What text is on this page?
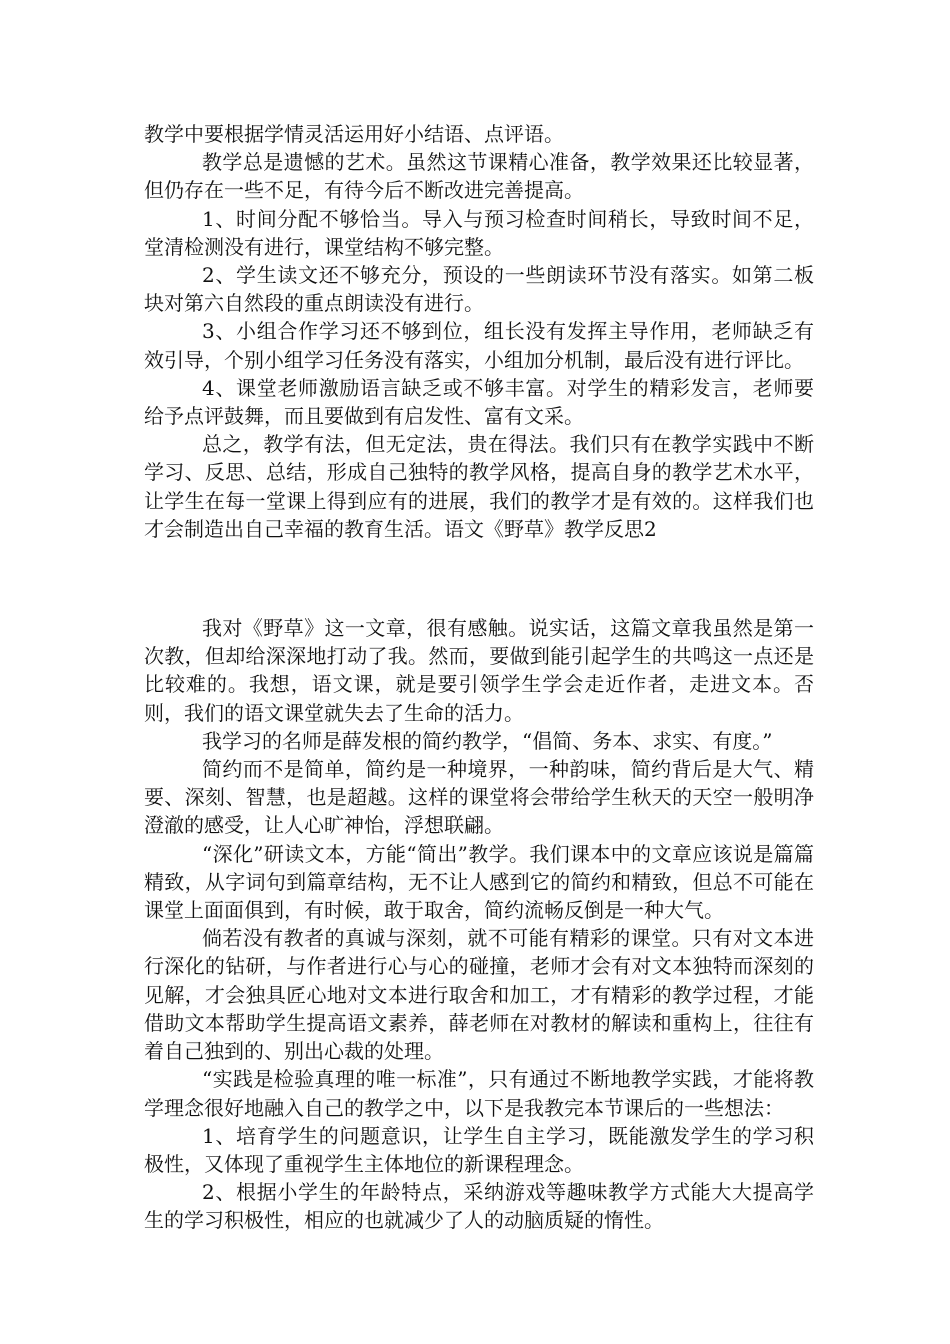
教学中要根据学情灵活运用好小结语、点评语。

教学总是遗憾的艺术。虽然这节课精心准备，教学效果还比较显著，但仍存在一些不足，有待今后不断改进完善提高。

1、时间分配不够恰当。导入与预习检查时间稍长，导致时间不足，堂清检测没有进行，课堂结构不够完整。

2、学生读文还不够充分，预设的一些朗读环节没有落实。如第二板块对第六自然段的重点朗读没有进行。

3、小组合作学习还不够到位，组长没有发挥主导作用，老师缺乏有效引导，个别小组学习任务没有落实，小组加分机制，最后没有进行评比。

4、课堂老师激励语言缺乏或不够丰富。对学生的精彩发言，老师要给予点评鼓舞，而且要做到有启发性、富有文采。

总之，教学有法，但无定法，贵在得法。我们只有在教学实践中不断学习、反思、总结，形成自己独特的教学风格，提高自身的教学艺术水平，让学生在每一堂课上得到应有的进展，我们的教学才是有效的。这样我们也才会制造出自己幸福的教育生活。语文《野草》教学反思2

我对《野草》这一文章，很有感触。说实话，这篇文章我虽然是第一次教，但却给深深地打动了我。然而，要做到能引起学生的共鸣这一点还是比较难的。我想，语文课，就是要引领学生学会走近作者，走进文本。否则，我们的语文课堂就失去了生命的活力。

我学习的名师是薛发根的简约教学，“倡简、务本、求实、有度。”

简约而不是简单，简约是一种境界，一种韵味，简约背后是大气、精要、深刻、智慧，也是超越。这样的课堂将会带给学生秋天的天空一般明净澄澈的感受，让人心旷神怡，浮想联翩。

“深化”研读文本，方能“简出”教学。我们课本中的文章应该说是篇篇精致，从字词句到篇章结构，无不让人感到它的简约和精致，但总不可能在课堂上面面俱到，有时候，敢于取舍，简约流畅反倒是一种大气。

倘若没有教者的真诚与深刻，就不可能有精彩的课堂。只有对文本进行深化的钻研，与作者进行心与心的碰撞，老师才会有对文本独特而深刻的见解，才会独具匠心地对文本进行取舍和加工，才有精彩的教学过程，才能借助文本帮助学生提高语文素养，薛老师在对教材的解读和重构上，往往有着自己独到的、别出心裁的处理。

“实践是检验真理的唯一标准”，只有通过不断地教学实践，才能将教学理念很好地融入自己的教学之中，以下是我教完本节课后的一些想法：

1、培育学生的问题意识，让学生自主学习，既能激发学生的学习积极性，又体现了重视学生主体地位的新课程理念。

2、根据小学生的年龄特点，采纳游戏等趣味教学方式能大大提高学生的学习积极性，相应的也就减少了人的动脑质疑的惰性。
